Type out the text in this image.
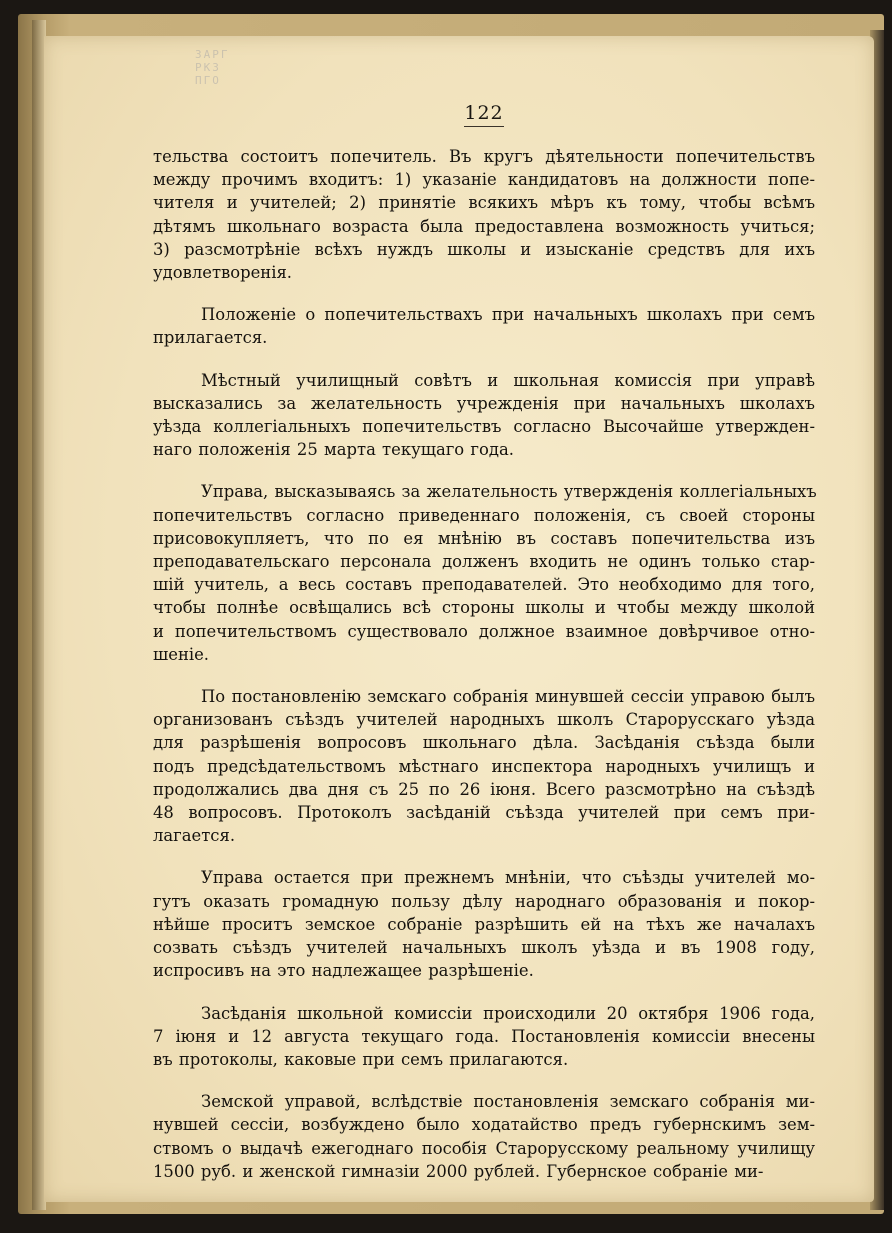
ЗАРГ
РКЗ
ПГО
122

тельства состоитъ попечитель. Въ кругъ дѣятельности попечительствъ
между прочимъ входитъ: 1) указаніе кандидатовъ на должности попе-
чителя и учителей; 2) принятіе всякихъ мѣръ къ тому, чтобы всѣмъ
дѣтямъ школьнаго возраста была предоставлена возможность учиться;
3) разсмотрѣніе всѣхъ нуждъ школы и изысканіе средствъ для ихъ
удовлетворенія.

Положеніе о попечительствахъ при начальныхъ школахъ при семъ
прилагается.

Мѣстный училищный совѣтъ и школьная комиссія при управѣ
высказались за желательность учрежденія при начальныхъ школахъ
уѣзда коллегіальныхъ попечительствъ согласно Высочайше утвержден-
наго положенія 25 марта текущаго года.

Управа, высказываясь за желательность утвержденія коллегіальныхъ
попечительствъ согласно приведеннаго положенія, съ своей стороны
присовокупляетъ, что по ея мнѣнію въ составъ попечительства изъ
преподавательскаго персонала долженъ входить не одинъ только стар-
шій учитель, а весь составъ преподавателей. Это необходимо для того,
чтобы полнѣе освѣщались всѣ стороны школы и чтобы между школой
и попечительствомъ существовало должное взаимное довѣрчивое отно-
шеніе.

По постановленію земскаго собранія минувшей сессіи управою былъ
организованъ съѣздъ учителей народныхъ школъ Старорусскаго уѣзда
для разрѣшенія вопросовъ школьнаго дѣла. Засѣданія съѣзда были
подъ предсѣдательствомъ мѣстнаго инспектора народныхъ училищъ и
продолжались два дня съ 25 по 26 іюня. Всего разсмотрѣно на съѣздѣ
48 вопросовъ. Протоколъ засѣданій съѣзда учителей при семъ при-
лагается.

Управа остается при прежнемъ мнѣніи, что съѣзды учителей мо-
гутъ оказать громадную пользу дѣлу народнаго образованія и покор-
нѣйше проситъ земское собраніе разрѣшить ей на тѣхъ же началахъ
созвать съѣздъ учителей начальныхъ школъ уѣзда и въ 1908 году,
испросивъ на это надлежащее разрѣшеніе.

Засѣданія школьной комиссіи происходили 20 октября 1906 года,
7 іюня и 12 августа текущаго года. Постановленія комиссіи внесены
въ протоколы, каковые при семъ прилагаются.

Земской управой, вслѣдствіе постановленія земскаго собранія ми-
нувшей сессіи, возбуждено было ходатайство предъ губернскимъ зем-
ствомъ о выдачѣ ежегоднаго пособія Старорусскому реальному училищу
1500 руб. и женской гимназіи 2000 рублей. Губернское собраніе ми-
